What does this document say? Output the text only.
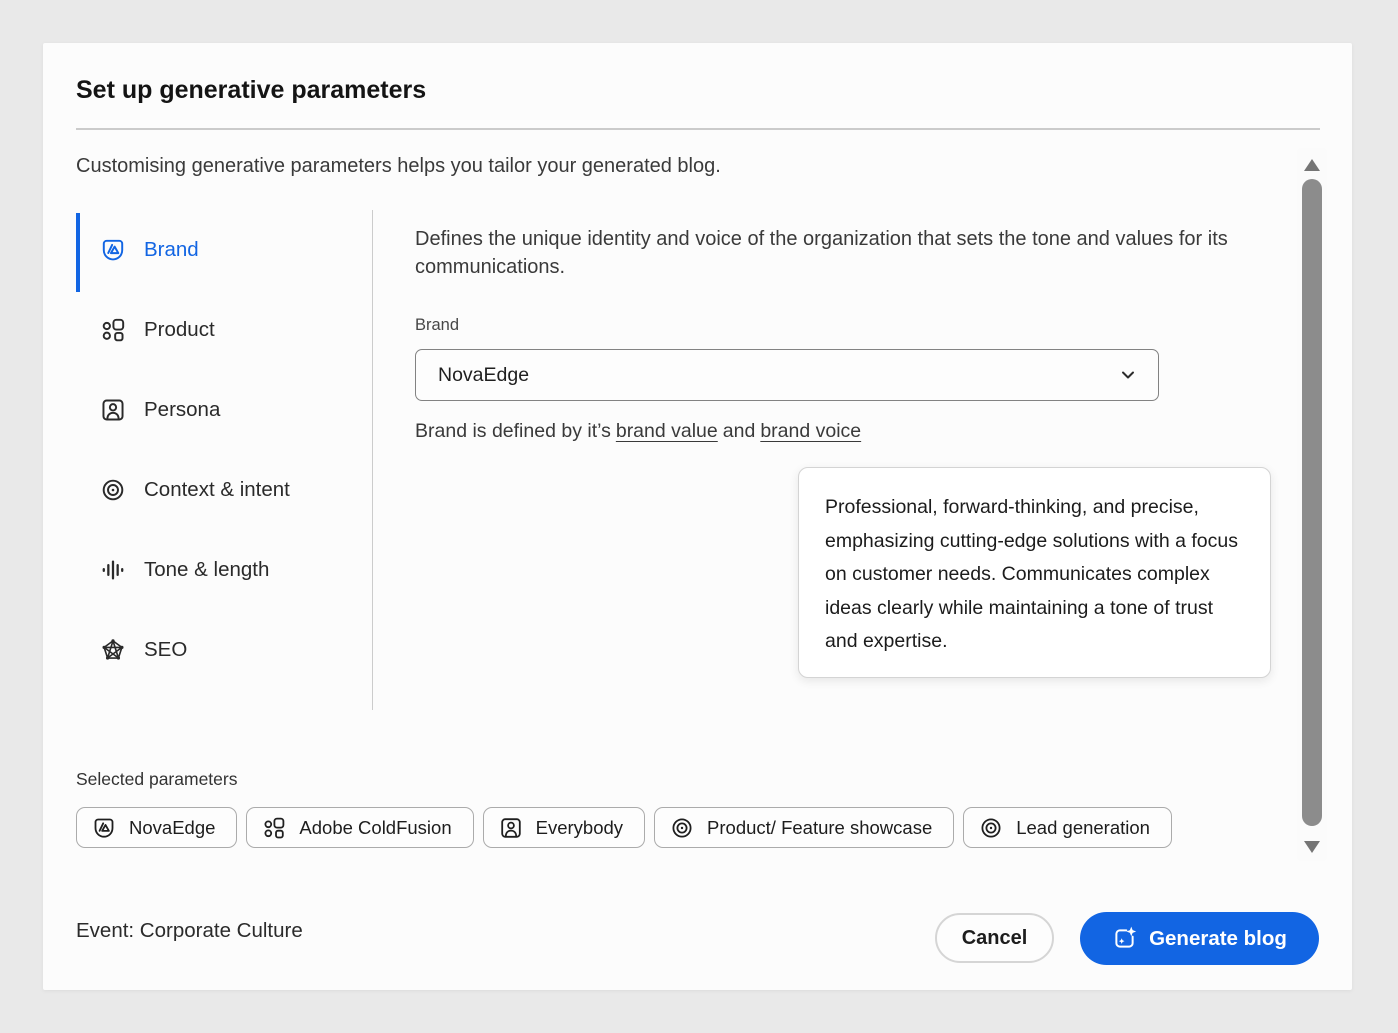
Set up generative parameters
Customising generative parameters helps you tailor your generated blog.
Brand
Product
Persona
Context & intent
Tone & length
SEO
Defines the unique identity and voice of the organization that sets the tone and values for its communications.
Brand
NovaEdge
Brand is defined by it’s brand value and brand voice
Professional, forward-thinking, and precise, emphasizing cutting-edge solutions with a focus on customer needs. Communicates complex ideas clearly while maintaining a tone of trust and expertise.
Selected parameters
NovaEdge	Adobe ColdFusion	Everybody	Product/ Feature showcase	Lead generation
Event: Corporate Culture	Cancel	Generate blog
